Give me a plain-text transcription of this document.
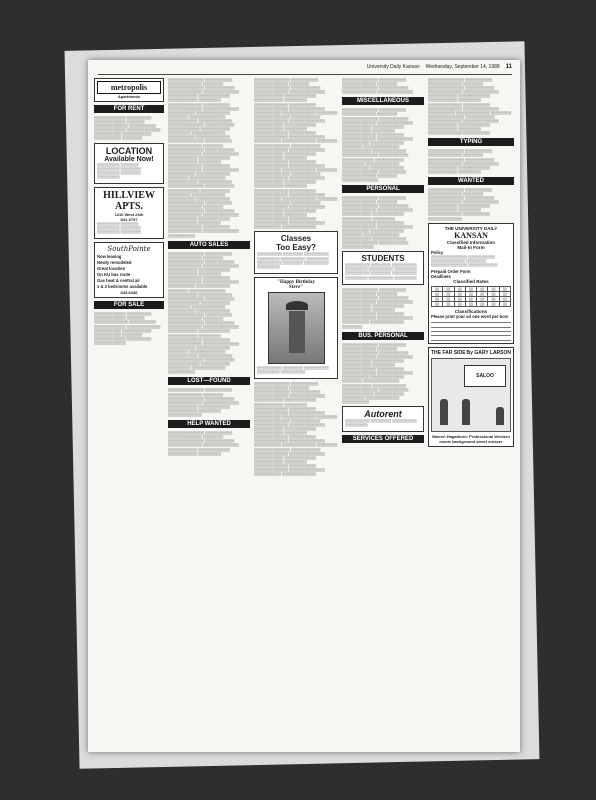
University Daily Kansan Wednesday, September 14, 1988 11
metropolis
Apartments
FOR RENT
▒▒▒▒▒▒▒▒▒▒▒▒▒▒ ▒▒▒▒▒▒▒▒▒▒▒ ▒▒▒▒▒▒▒▒▒▒▒▒▒▒ ▒▒▒▒▒▒▒▒ ▒▒▒▒▒▒▒▒▒▒▒▒▒▒▒ ▒▒▒▒▒▒▒▒▒▒▒▒ ▒▒▒▒▒▒▒▒▒▒▒▒▒▒ ▒▒▒▒▒▒▒▒▒▒▒▒▒▒▒ ▒▒▒▒▒▒▒▒▒▒▒▒ ▒▒▒▒▒▒▒▒▒▒▒▒▒ ▒▒▒▒▒▒▒▒▒▒▒▒ ▒▒▒▒▒▒▒▒▒
LOCATION
Available Now!
▒▒▒▒▒▒▒▒▒▒ ▒▒▒▒▒▒▒▒ ▒▒▒▒▒▒▒▒▒▒ ▒▒▒▒▒▒▒▒▒ ▒▒▒▒▒▒▒▒▒▒ ▒▒▒▒▒▒▒▒▒ ▒▒▒▒▒▒▒▒▒▒
HILLVIEW
APTS.
1310 West 24th
841-3797
▒▒▒▒▒▒▒▒▒▒ ▒▒▒▒▒▒▒▒ ▒▒▒▒▒▒▒▒▒▒ ▒▒▒▒▒▒▒▒▒ ▒▒▒▒▒▒▒▒▒▒ ▒▒▒▒▒▒▒▒▒
SouthPointe
Now leasing
Newly remodeled
Great location
On KU bus route
Gas heat & central air
1 & 2 bedrooms available
843-6446
FOR SALE
▒▒▒▒▒▒▒▒▒▒▒▒▒▒ ▒▒▒▒▒▒▒▒▒▒▒ ▒▒▒▒▒▒▒▒▒▒▒▒▒▒ ▒▒▒▒▒▒▒▒ ▒▒▒▒▒▒▒▒▒▒▒▒▒▒▒ ▒▒▒▒▒▒▒▒▒▒▒▒ ▒▒▒▒▒▒▒▒▒▒▒▒▒▒ ▒▒▒▒▒▒▒▒▒▒▒▒▒▒▒ ▒▒▒▒▒▒▒▒▒▒▒▒ ▒▒▒▒▒▒▒▒▒▒▒▒▒ ▒▒▒▒▒▒▒▒▒▒▒▒ ▒▒▒▒▒▒▒▒▒ ▒▒▒▒▒▒▒▒▒▒▒▒▒▒ ▒▒▒▒▒▒▒▒▒▒▒ ▒▒▒▒▒▒▒▒▒▒▒▒▒▒
▒▒▒▒▒▒▒▒▒▒▒▒▒▒▒▒ ▒▒▒▒▒▒▒▒▒▒▒▒ ▒▒▒▒▒▒▒▒▒▒▒▒▒▒▒ ▒▒▒▒▒▒▒▒▒ ▒▒▒▒▒▒▒▒▒▒▒▒▒▒▒▒ ▒▒▒▒▒▒▒▒▒▒▒▒▒ ▒▒▒▒▒▒▒▒▒▒▒▒▒▒▒ ▒▒▒▒▒▒▒▒▒▒▒▒▒▒▒▒ ▒▒▒▒▒▒▒▒▒▒▒▒▒ ▒▒▒▒▒▒▒▒▒▒▒▒▒▒ ▒▒▒▒▒▒▒▒▒▒▒▒▒ ▒▒▒▒▒▒▒▒▒▒ ▒▒▒▒▒▒▒▒▒▒▒▒▒▒▒ ▒▒▒▒▒▒▒▒▒▒▒▒ ▒▒▒▒▒▒▒▒▒▒▒▒▒▒▒ ▒▒▒▒▒▒▒▒▒▒▒▒▒▒▒▒ ▒▒▒▒▒▒▒▒▒▒▒▒ ▒▒▒▒▒▒▒▒▒▒▒▒▒▒▒ ▒▒▒▒▒▒▒▒▒ ▒▒▒▒▒▒▒▒▒▒▒▒▒▒▒▒ ▒▒▒▒▒▒▒▒▒▒▒▒▒ ▒▒▒▒▒▒▒▒▒▒▒▒▒▒▒ ▒▒▒▒▒▒▒▒▒▒▒▒▒▒▒▒ ▒▒▒▒▒▒▒▒▒▒▒▒▒ ▒▒▒▒▒▒▒▒▒▒▒▒▒▒ ▒▒▒▒▒▒▒▒▒▒▒▒▒ ▒▒▒▒▒▒▒▒▒▒ ▒▒▒▒▒▒▒▒▒▒▒▒▒▒▒ ▒▒▒▒▒▒▒▒▒▒▒▒ ▒▒▒▒▒▒▒▒▒▒▒▒▒▒▒ ▒▒▒▒▒▒▒▒▒▒▒▒▒▒▒▒ ▒▒▒▒▒▒▒▒▒▒▒▒ ▒▒▒▒▒▒▒▒▒▒▒▒▒▒▒ ▒▒▒▒▒▒▒▒▒ ▒▒▒▒▒▒▒▒▒▒▒▒▒▒▒▒ ▒▒▒▒▒▒▒▒▒▒▒▒▒ ▒▒▒▒▒▒▒▒▒▒▒▒▒▒▒ ▒▒▒▒▒▒▒▒▒▒▒▒▒▒▒▒ ▒▒▒▒▒▒▒▒▒▒▒▒▒ ▒▒▒▒▒▒▒▒▒▒▒▒▒▒ ▒▒▒▒▒▒▒▒▒▒▒▒▒ ▒▒▒▒▒▒▒▒▒▒ ▒▒▒▒▒▒▒▒▒▒▒▒▒▒▒ ▒▒▒▒▒▒▒▒▒▒▒▒ ▒▒▒▒▒▒▒▒▒▒▒▒▒▒▒ ▒▒▒▒▒▒▒▒▒▒▒▒▒▒▒▒ ▒▒▒▒▒▒▒▒▒▒▒▒ ▒▒▒▒▒▒▒▒▒▒▒▒▒▒▒ ▒▒▒▒▒▒▒▒▒ ▒▒▒▒▒▒▒▒▒▒▒▒▒▒▒▒ ▒▒▒▒▒▒▒▒▒▒▒▒▒ ▒▒▒▒▒▒▒▒▒▒▒▒▒▒▒ ▒▒▒▒▒▒▒▒▒▒▒▒▒▒▒▒ ▒▒▒▒▒▒▒▒▒▒▒▒▒ ▒▒▒▒▒▒▒▒▒▒▒▒▒▒ ▒▒▒▒▒▒▒▒▒▒▒▒▒ ▒▒▒▒▒▒▒▒▒▒ ▒▒▒▒▒▒▒▒▒▒▒▒▒▒▒ ▒▒▒▒▒▒▒▒▒▒▒▒ ▒▒▒▒▒▒▒▒▒▒▒▒▒▒▒ ▒▒▒▒▒▒▒▒▒▒▒▒▒▒▒▒ ▒▒▒▒▒▒▒▒▒▒▒▒ ▒▒▒▒▒▒▒▒▒▒▒▒▒▒▒ ▒▒▒▒▒▒▒▒▒ ▒▒▒▒▒▒▒▒▒▒▒▒▒▒▒▒ ▒▒▒▒▒▒▒▒▒▒▒▒▒ ▒▒▒▒▒▒▒▒▒▒▒▒▒▒▒ ▒▒▒▒▒▒▒▒▒▒▒▒▒▒▒▒ ▒▒▒▒▒▒▒▒▒▒▒▒▒ ▒▒▒▒▒▒▒▒▒▒▒▒▒▒ ▒▒▒▒▒▒▒▒▒▒▒▒▒ ▒▒▒▒▒▒▒▒▒▒ ▒▒▒▒▒▒▒▒▒▒▒▒▒▒▒ ▒▒▒▒▒▒▒▒▒▒▒▒ ▒▒▒▒▒▒▒▒▒▒▒▒▒▒▒ ▒▒▒▒▒▒▒▒▒▒▒▒▒▒▒▒ ▒▒▒▒▒▒▒▒▒▒▒▒
AUTO SALES
▒▒▒▒▒▒▒▒▒▒▒▒▒▒▒▒ ▒▒▒▒▒▒▒▒▒▒▒▒ ▒▒▒▒▒▒▒▒▒▒▒▒▒▒▒ ▒▒▒▒▒▒▒▒▒ ▒▒▒▒▒▒▒▒▒▒▒▒▒▒▒▒ ▒▒▒▒▒▒▒▒▒▒▒▒▒ ▒▒▒▒▒▒▒▒▒▒▒▒▒▒▒ ▒▒▒▒▒▒▒▒▒▒▒▒▒▒▒▒ ▒▒▒▒▒▒▒▒▒▒▒▒▒ ▒▒▒▒▒▒▒▒▒▒▒▒▒▒ ▒▒▒▒▒▒▒▒▒▒▒▒▒ ▒▒▒▒▒▒▒▒▒▒ ▒▒▒▒▒▒▒▒▒▒▒▒▒▒▒ ▒▒▒▒▒▒▒▒▒▒▒▒ ▒▒▒▒▒▒▒▒▒▒▒▒▒▒▒ ▒▒▒▒▒▒▒▒▒▒▒▒▒▒▒▒ ▒▒▒▒▒▒▒▒▒▒▒▒ ▒▒▒▒▒▒▒▒▒▒▒▒▒▒▒ ▒▒▒▒▒▒▒▒▒ ▒▒▒▒▒▒▒▒▒▒▒▒▒▒▒▒ ▒▒▒▒▒▒▒▒▒▒▒▒▒ ▒▒▒▒▒▒▒▒▒▒▒▒▒▒▒ ▒▒▒▒▒▒▒▒▒▒▒▒▒▒▒▒ ▒▒▒▒▒▒▒▒▒▒▒▒▒ ▒▒▒▒▒▒▒▒▒▒▒▒▒▒ ▒▒▒▒▒▒▒▒▒▒▒▒▒ ▒▒▒▒▒▒▒▒▒▒ ▒▒▒▒▒▒▒▒▒▒▒▒▒▒▒ ▒▒▒▒▒▒▒▒▒▒▒▒ ▒▒▒▒▒▒▒▒▒▒▒▒▒▒▒ ▒▒▒▒▒▒▒▒▒▒▒▒▒▒▒▒ ▒▒▒▒▒▒▒▒▒▒▒▒ ▒▒▒▒▒▒▒▒▒▒▒▒▒▒▒ ▒▒▒▒▒▒▒▒▒ ▒▒▒▒▒▒▒▒▒▒▒▒▒▒▒▒ ▒▒▒▒▒▒▒▒▒▒▒▒▒ ▒▒▒▒▒▒▒▒▒▒▒▒▒▒▒ ▒▒▒▒▒▒▒▒▒▒▒▒▒▒▒▒ ▒▒▒▒▒▒▒▒▒▒▒▒▒ ▒▒▒▒▒▒▒▒▒▒▒▒▒▒ ▒▒▒▒▒▒▒▒▒▒▒▒▒ ▒▒▒▒▒▒▒▒▒▒ ▒▒▒▒▒▒▒▒▒▒▒▒▒▒▒ ▒▒▒▒▒▒▒▒▒▒▒▒ ▒▒▒▒▒▒▒▒▒▒▒▒▒▒▒ ▒▒▒▒▒▒▒▒▒▒▒▒▒▒▒▒ ▒▒▒▒▒▒▒▒▒▒▒▒ ▒▒▒▒▒▒▒▒▒▒▒▒▒▒▒ ▒▒▒▒▒▒▒▒▒ ▒▒▒▒▒▒▒▒▒▒▒▒▒▒▒▒ ▒▒▒▒▒▒▒▒▒▒▒▒▒ ▒▒▒▒▒▒▒▒▒▒▒▒▒▒▒ ▒▒▒▒▒▒▒▒▒▒▒▒▒▒▒▒ ▒▒▒▒▒▒▒▒▒▒▒▒▒ ▒▒▒▒▒▒▒▒▒▒▒▒▒▒ ▒▒▒▒▒▒▒▒▒▒▒▒▒ ▒▒▒▒▒▒▒▒▒▒ ▒▒▒▒▒▒▒▒▒▒▒▒▒▒▒ ▒▒▒▒▒▒▒▒▒▒▒▒
LOST—FOUND
▒▒▒▒▒▒▒▒▒▒▒▒▒▒▒▒ ▒▒▒▒▒▒▒▒▒▒▒▒ ▒▒▒▒▒▒▒▒▒▒▒▒▒▒▒ ▒▒▒▒▒▒▒▒▒ ▒▒▒▒▒▒▒▒▒▒▒▒▒▒▒▒ ▒▒▒▒▒▒▒▒▒▒▒▒▒ ▒▒▒▒▒▒▒▒▒▒▒▒▒▒▒ ▒▒▒▒▒▒▒▒▒▒▒▒▒▒▒▒ ▒▒▒▒▒▒▒▒▒▒▒▒▒ ▒▒▒▒▒▒▒▒▒▒▒▒▒▒ ▒▒▒▒▒▒▒▒▒▒▒▒▒ ▒▒▒▒▒▒▒▒▒▒ ▒▒▒▒▒▒▒▒▒▒▒▒▒▒▒
HELP WANTED
▒▒▒▒▒▒▒▒▒▒▒▒▒▒▒▒ ▒▒▒▒▒▒▒▒▒▒▒▒ ▒▒▒▒▒▒▒▒▒▒▒▒▒▒▒ ▒▒▒▒▒▒▒▒▒ ▒▒▒▒▒▒▒▒▒▒▒▒▒▒▒▒ ▒▒▒▒▒▒▒▒▒▒▒▒▒ ▒▒▒▒▒▒▒▒▒▒▒▒▒▒▒ ▒▒▒▒▒▒▒▒▒▒▒▒▒▒▒▒ ▒▒▒▒▒▒▒▒▒▒▒▒▒ ▒▒▒▒▒▒▒▒▒▒▒▒▒▒ ▒▒▒▒▒▒▒▒▒▒▒▒▒ ▒▒▒▒▒▒▒▒▒▒
▒▒▒▒▒▒▒▒▒▒▒▒▒▒▒▒ ▒▒▒▒▒▒▒▒▒▒▒▒ ▒▒▒▒▒▒▒▒▒▒▒▒▒▒▒ ▒▒▒▒▒▒▒▒▒ ▒▒▒▒▒▒▒▒▒▒▒▒▒▒▒▒ ▒▒▒▒▒▒▒▒▒▒▒▒▒ ▒▒▒▒▒▒▒▒▒▒▒▒▒▒▒ ▒▒▒▒▒▒▒▒▒▒▒▒▒▒▒▒ ▒▒▒▒▒▒▒▒▒▒▒▒▒ ▒▒▒▒▒▒▒▒▒▒▒▒▒▒ ▒▒▒▒▒▒▒▒▒▒▒▒▒ ▒▒▒▒▒▒▒▒▒▒ ▒▒▒▒▒▒▒▒▒▒▒▒▒▒▒ ▒▒▒▒▒▒▒▒▒▒▒▒ ▒▒▒▒▒▒▒▒▒▒▒▒▒▒▒ ▒▒▒▒▒▒▒▒▒▒▒▒▒▒▒▒ ▒▒▒▒▒▒▒▒▒▒▒▒ ▒▒▒▒▒▒▒▒▒▒▒▒▒▒▒ ▒▒▒▒▒▒▒▒▒ ▒▒▒▒▒▒▒▒▒▒▒▒▒▒▒▒ ▒▒▒▒▒▒▒▒▒▒▒▒▒ ▒▒▒▒▒▒▒▒▒▒▒▒▒▒▒ ▒▒▒▒▒▒▒▒▒▒▒▒▒▒▒▒ ▒▒▒▒▒▒▒▒▒▒▒▒▒ ▒▒▒▒▒▒▒▒▒▒▒▒▒▒ ▒▒▒▒▒▒▒▒▒▒▒▒▒ ▒▒▒▒▒▒▒▒▒▒ ▒▒▒▒▒▒▒▒▒▒▒▒▒▒▒ ▒▒▒▒▒▒▒▒▒▒▒▒ ▒▒▒▒▒▒▒▒▒▒▒▒▒▒▒ ▒▒▒▒▒▒▒▒▒▒▒▒▒▒▒▒ ▒▒▒▒▒▒▒▒▒▒▒▒ ▒▒▒▒▒▒▒▒▒▒▒▒▒▒▒ ▒▒▒▒▒▒▒▒▒ ▒▒▒▒▒▒▒▒▒▒▒▒▒▒▒▒ ▒▒▒▒▒▒▒▒▒▒▒▒▒ ▒▒▒▒▒▒▒▒▒▒▒▒▒▒▒ ▒▒▒▒▒▒▒▒▒▒▒▒▒▒▒▒ ▒▒▒▒▒▒▒▒▒▒▒▒▒ ▒▒▒▒▒▒▒▒▒▒▒▒▒▒ ▒▒▒▒▒▒▒▒▒▒▒▒▒ ▒▒▒▒▒▒▒▒▒▒ ▒▒▒▒▒▒▒▒▒▒▒▒▒▒▒ ▒▒▒▒▒▒▒▒▒▒▒▒ ▒▒▒▒▒▒▒▒▒▒▒▒▒▒▒ ▒▒▒▒▒▒▒▒▒▒▒▒▒▒▒▒ ▒▒▒▒▒▒▒▒▒▒▒▒ ▒▒▒▒▒▒▒▒▒▒▒▒▒▒▒ ▒▒▒▒▒▒▒▒▒ ▒▒▒▒▒▒▒▒▒▒▒▒▒▒▒▒ ▒▒▒▒▒▒▒▒▒▒▒▒▒ ▒▒▒▒▒▒▒▒▒▒▒▒▒▒▒ ▒▒▒▒▒▒▒▒▒▒▒▒▒▒▒▒ ▒▒▒▒▒▒▒▒▒▒▒▒▒ ▒▒▒▒▒▒▒▒▒▒▒▒▒▒ ▒▒▒▒▒▒▒▒▒▒▒▒▒ ▒▒▒▒▒▒▒▒▒▒ ▒▒▒▒▒▒▒▒▒▒▒▒▒▒▒ ▒▒▒▒▒▒▒▒▒▒▒▒ ▒▒▒▒▒▒▒▒▒▒▒▒▒▒▒ ▒▒▒▒▒▒▒▒▒▒▒▒▒▒▒▒ ▒▒▒▒▒▒▒▒▒▒▒▒ ▒▒▒▒▒▒▒▒▒▒▒▒▒▒▒ ▒▒▒▒▒▒▒▒▒ ▒▒▒▒▒▒▒▒▒▒▒▒▒▒▒▒ ▒▒▒▒▒▒▒▒▒▒▒▒▒ ▒▒▒▒▒▒▒▒▒▒▒▒▒▒▒ ▒▒▒▒▒▒▒▒▒▒▒▒▒▒▒▒ ▒▒▒▒▒▒▒▒▒▒▒▒▒ ▒▒▒▒▒▒▒▒▒▒▒▒▒▒ ▒▒▒▒▒▒▒▒▒▒▒▒▒ ▒▒▒▒▒▒▒▒▒▒ ▒▒▒▒▒▒▒▒▒▒▒▒▒▒▒ ▒▒▒▒▒▒▒▒▒▒▒▒ ▒▒▒▒▒▒▒▒▒▒▒▒▒▒▒ ▒▒▒▒▒▒▒▒▒▒▒▒▒▒▒▒ ▒▒▒▒▒▒▒▒▒▒▒▒ ▒▒▒▒▒▒▒▒▒▒▒▒▒▒▒
Classes
Too Easy?
▒▒▒▒▒▒▒▒▒▒▒ ▒▒▒▒▒▒▒▒▒ ▒▒▒▒▒▒▒▒▒▒▒ ▒▒▒▒▒▒▒▒▒▒ ▒▒▒▒▒▒▒▒▒▒▒ ▒▒▒▒▒▒▒▒▒▒ ▒▒▒▒▒▒▒▒▒▒▒ ▒▒▒▒▒▒▒▒▒ ▒▒▒▒▒▒▒▒▒▒▒ ▒▒▒▒▒▒▒▒▒▒
"Happy Birthday
Steve"
▒▒▒▒▒▒▒▒▒▒▒ ▒▒▒▒▒▒▒▒▒ ▒▒▒▒▒▒▒▒▒▒▒ ▒▒▒▒▒▒▒▒▒▒ ▒▒▒▒▒▒▒▒▒▒▒
▒▒▒▒▒▒▒▒▒▒▒▒▒▒▒▒ ▒▒▒▒▒▒▒▒▒▒▒▒ ▒▒▒▒▒▒▒▒▒▒▒▒▒▒▒ ▒▒▒▒▒▒▒▒▒ ▒▒▒▒▒▒▒▒▒▒▒▒▒▒▒▒ ▒▒▒▒▒▒▒▒▒▒▒▒▒ ▒▒▒▒▒▒▒▒▒▒▒▒▒▒▒ ▒▒▒▒▒▒▒▒▒▒▒▒▒▒▒▒ ▒▒▒▒▒▒▒▒▒▒▒▒▒ ▒▒▒▒▒▒▒▒▒▒▒▒▒▒ ▒▒▒▒▒▒▒▒▒▒▒▒▒ ▒▒▒▒▒▒▒▒▒▒ ▒▒▒▒▒▒▒▒▒▒▒▒▒▒▒ ▒▒▒▒▒▒▒▒▒▒▒▒ ▒▒▒▒▒▒▒▒▒▒▒▒▒▒▒ ▒▒▒▒▒▒▒▒▒▒▒▒▒▒▒▒ ▒▒▒▒▒▒▒▒▒▒▒▒ ▒▒▒▒▒▒▒▒▒▒▒▒▒▒▒ ▒▒▒▒▒▒▒▒▒ ▒▒▒▒▒▒▒▒▒▒▒▒▒▒▒▒ ▒▒▒▒▒▒▒▒▒▒▒▒▒ ▒▒▒▒▒▒▒▒▒▒▒▒▒▒▒ ▒▒▒▒▒▒▒▒▒▒▒▒▒▒▒▒ ▒▒▒▒▒▒▒▒▒▒▒▒▒ ▒▒▒▒▒▒▒▒▒▒▒▒▒▒ ▒▒▒▒▒▒▒▒▒▒▒▒▒ ▒▒▒▒▒▒▒▒▒▒ ▒▒▒▒▒▒▒▒▒▒▒▒▒▒▒ ▒▒▒▒▒▒▒▒▒▒▒▒ ▒▒▒▒▒▒▒▒▒▒▒▒▒▒▒ ▒▒▒▒▒▒▒▒▒▒▒▒▒▒▒▒ ▒▒▒▒▒▒▒▒▒▒▒▒ ▒▒▒▒▒▒▒▒▒▒▒▒▒▒▒ ▒▒▒▒▒▒▒▒▒ ▒▒▒▒▒▒▒▒▒▒▒▒▒▒▒▒ ▒▒▒▒▒▒▒▒▒▒▒▒▒ ▒▒▒▒▒▒▒▒▒▒▒▒▒▒▒ ▒▒▒▒▒▒▒▒▒▒▒▒▒▒▒▒ ▒▒▒▒▒▒▒▒▒▒▒▒▒ ▒▒▒▒▒▒▒▒▒▒▒▒▒▒ ▒▒▒▒▒▒▒▒▒▒▒▒▒ ▒▒▒▒▒▒▒▒▒▒ ▒▒▒▒▒▒▒▒▒▒▒▒▒▒▒ ▒▒▒▒▒▒▒▒▒▒▒▒ ▒▒▒▒▒▒▒▒▒▒▒▒▒▒▒ ▒▒▒▒▒▒▒▒▒▒▒▒▒▒▒▒ ▒▒▒▒▒▒▒▒▒▒▒▒ ▒▒▒▒▒▒▒▒▒▒▒▒▒▒▒
▒▒▒▒▒▒▒▒▒▒▒▒▒▒▒▒ ▒▒▒▒▒▒▒▒▒▒▒▒ ▒▒▒▒▒▒▒▒▒▒▒▒▒▒▒ ▒▒▒▒▒▒▒▒▒ ▒▒▒▒▒▒▒▒▒▒▒▒▒▒▒▒ ▒▒▒▒▒▒▒▒▒▒▒▒▒ ▒▒▒▒▒▒▒▒▒▒▒▒▒▒▒ ▒▒▒▒▒▒▒▒▒▒▒▒▒▒▒▒
MISCELLANEOUS
▒▒▒▒▒▒▒▒▒▒▒▒▒▒▒▒ ▒▒▒▒▒▒▒▒▒▒▒▒ ▒▒▒▒▒▒▒▒▒▒▒▒▒▒▒ ▒▒▒▒▒▒▒▒▒ ▒▒▒▒▒▒▒▒▒▒▒▒▒▒▒▒ ▒▒▒▒▒▒▒▒▒▒▒▒▒ ▒▒▒▒▒▒▒▒▒▒▒▒▒▒▒ ▒▒▒▒▒▒▒▒▒▒▒▒▒▒▒▒ ▒▒▒▒▒▒▒▒▒▒▒▒▒ ▒▒▒▒▒▒▒▒▒▒▒▒▒▒ ▒▒▒▒▒▒▒▒▒▒▒▒▒ ▒▒▒▒▒▒▒▒▒▒ ▒▒▒▒▒▒▒▒▒▒▒▒▒▒▒ ▒▒▒▒▒▒▒▒▒▒▒▒ ▒▒▒▒▒▒▒▒▒▒▒▒▒▒▒ ▒▒▒▒▒▒▒▒▒▒▒▒▒▒▒▒ ▒▒▒▒▒▒▒▒▒▒▒▒ ▒▒▒▒▒▒▒▒▒▒▒▒▒▒▒ ▒▒▒▒▒▒▒▒▒ ▒▒▒▒▒▒▒▒▒▒▒▒▒▒▒▒ ▒▒▒▒▒▒▒▒▒▒▒▒▒ ▒▒▒▒▒▒▒▒▒▒▒▒▒▒▒ ▒▒▒▒▒▒▒▒▒▒▒▒▒▒▒▒ ▒▒▒▒▒▒▒▒▒▒▒▒▒ ▒▒▒▒▒▒▒▒▒▒▒▒▒▒ ▒▒▒▒▒▒▒▒▒▒▒▒▒ ▒▒▒▒▒▒▒▒▒▒ ▒▒▒▒▒▒▒▒▒▒▒▒▒▒▒ ▒▒▒▒▒▒▒▒▒▒▒▒ ▒▒▒▒▒▒▒▒▒▒▒▒▒▒▒ ▒▒▒▒▒▒▒▒▒▒▒▒▒▒▒▒ ▒▒▒▒▒▒▒▒▒▒▒▒ ▒▒▒▒▒▒▒▒▒▒▒▒▒▒▒ ▒▒▒▒▒▒▒▒▒ ▒▒▒▒▒▒▒▒▒▒▒▒▒▒▒▒
PERSONAL
▒▒▒▒▒▒▒▒▒▒▒▒▒▒▒▒ ▒▒▒▒▒▒▒▒▒▒▒▒ ▒▒▒▒▒▒▒▒▒▒▒▒▒▒▒ ▒▒▒▒▒▒▒▒▒ ▒▒▒▒▒▒▒▒▒▒▒▒▒▒▒▒ ▒▒▒▒▒▒▒▒▒▒▒▒▒ ▒▒▒▒▒▒▒▒▒▒▒▒▒▒▒ ▒▒▒▒▒▒▒▒▒▒▒▒▒▒▒▒ ▒▒▒▒▒▒▒▒▒▒▒▒▒ ▒▒▒▒▒▒▒▒▒▒▒▒▒▒ ▒▒▒▒▒▒▒▒▒▒▒▒▒ ▒▒▒▒▒▒▒▒▒▒ ▒▒▒▒▒▒▒▒▒▒▒▒▒▒▒ ▒▒▒▒▒▒▒▒▒▒▒▒ ▒▒▒▒▒▒▒▒▒▒▒▒▒▒▒ ▒▒▒▒▒▒▒▒▒▒▒▒▒▒▒▒ ▒▒▒▒▒▒▒▒▒▒▒▒ ▒▒▒▒▒▒▒▒▒▒▒▒▒▒▒ ▒▒▒▒▒▒▒▒▒ ▒▒▒▒▒▒▒▒▒▒▒▒▒▒▒▒ ▒▒▒▒▒▒▒▒▒▒▒▒▒ ▒▒▒▒▒▒▒▒▒▒▒▒▒▒▒ ▒▒▒▒▒▒▒▒▒▒▒▒▒▒▒▒ ▒▒▒▒▒▒▒▒▒▒▒▒▒ ▒▒▒▒▒▒▒▒▒▒▒▒▒▒
STUDENTS
▒▒▒▒▒▒▒▒▒▒▒ ▒▒▒▒▒▒▒▒▒ ▒▒▒▒▒▒▒▒▒▒▒ ▒▒▒▒▒▒▒▒▒▒ ▒▒▒▒▒▒▒▒▒▒▒ ▒▒▒▒▒▒▒▒▒▒ ▒▒▒▒▒▒▒▒▒▒▒ ▒▒▒▒▒▒▒▒▒ ▒▒▒▒▒▒▒▒▒▒▒ ▒▒▒▒▒▒▒▒▒▒ ▒▒▒▒▒▒▒▒▒▒▒ ▒▒▒▒▒▒▒▒▒▒
▒▒▒▒▒▒▒▒▒▒▒▒▒▒▒▒ ▒▒▒▒▒▒▒▒▒▒▒▒ ▒▒▒▒▒▒▒▒▒▒▒▒▒▒▒ ▒▒▒▒▒▒▒▒▒ ▒▒▒▒▒▒▒▒▒▒▒▒▒▒▒▒ ▒▒▒▒▒▒▒▒▒▒▒▒▒ ▒▒▒▒▒▒▒▒▒▒▒▒▒▒▒ ▒▒▒▒▒▒▒▒▒▒▒▒▒▒▒▒ ▒▒▒▒▒▒▒▒▒▒▒▒▒ ▒▒▒▒▒▒▒▒▒▒▒▒▒▒ ▒▒▒▒▒▒▒▒▒▒▒▒▒ ▒▒▒▒▒▒▒▒▒▒ ▒▒▒▒▒▒▒▒▒▒▒▒▒▒▒ ▒▒▒▒▒▒▒▒▒▒▒▒ ▒▒▒▒▒▒▒▒▒▒▒▒▒▒▒ ▒▒▒▒▒▒▒▒▒▒▒▒▒▒▒▒ ▒▒▒▒▒▒▒▒▒▒▒▒ ▒▒▒▒▒▒▒▒▒▒▒▒▒▒▒ ▒▒▒▒▒▒▒▒▒
BUS. PERSONAL
▒▒▒▒▒▒▒▒▒▒▒▒▒▒▒▒ ▒▒▒▒▒▒▒▒▒▒▒▒ ▒▒▒▒▒▒▒▒▒▒▒▒▒▒▒ ▒▒▒▒▒▒▒▒▒ ▒▒▒▒▒▒▒▒▒▒▒▒▒▒▒▒ ▒▒▒▒▒▒▒▒▒▒▒▒▒ ▒▒▒▒▒▒▒▒▒▒▒▒▒▒▒ ▒▒▒▒▒▒▒▒▒▒▒▒▒▒▒▒ ▒▒▒▒▒▒▒▒▒▒▒▒▒ ▒▒▒▒▒▒▒▒▒▒▒▒▒▒ ▒▒▒▒▒▒▒▒▒▒▒▒▒ ▒▒▒▒▒▒▒▒▒▒ ▒▒▒▒▒▒▒▒▒▒▒▒▒▒▒ ▒▒▒▒▒▒▒▒▒▒▒▒ ▒▒▒▒▒▒▒▒▒▒▒▒▒▒▒ ▒▒▒▒▒▒▒▒▒▒▒▒▒▒▒▒ ▒▒▒▒▒▒▒▒▒▒▒▒ ▒▒▒▒▒▒▒▒▒▒▒▒▒▒▒ ▒▒▒▒▒▒▒▒▒ ▒▒▒▒▒▒▒▒▒▒▒▒▒▒▒▒ ▒▒▒▒▒▒▒▒▒▒▒▒▒ ▒▒▒▒▒▒▒▒▒▒▒▒▒▒▒ ▒▒▒▒▒▒▒▒▒▒▒▒▒▒▒▒ ▒▒▒▒▒▒▒▒▒▒▒▒▒ ▒▒▒▒▒▒▒▒▒▒▒▒▒▒ ▒▒▒▒▒▒▒▒▒▒▒▒▒ ▒▒▒▒▒▒▒▒▒▒ ▒▒▒▒▒▒▒▒▒▒▒▒▒▒▒ ▒▒▒▒▒▒▒▒▒▒▒▒
Autorent
▒▒▒▒▒▒▒▒▒▒▒ ▒▒▒▒▒▒▒▒▒ ▒▒▒▒▒▒▒▒▒▒▒ ▒▒▒▒▒▒▒▒▒▒
SERVICES OFFERED
▒▒▒▒▒▒▒▒▒▒▒▒▒▒▒▒ ▒▒▒▒▒▒▒▒▒▒▒▒ ▒▒▒▒▒▒▒▒▒▒▒▒▒▒▒ ▒▒▒▒▒▒▒▒▒ ▒▒▒▒▒▒▒▒▒▒▒▒▒▒▒▒ ▒▒▒▒▒▒▒▒▒▒▒▒▒ ▒▒▒▒▒▒▒▒▒▒▒▒▒▒▒ ▒▒▒▒▒▒▒▒▒▒▒▒▒▒▒▒ ▒▒▒▒▒▒▒▒▒▒▒▒▒ ▒▒▒▒▒▒▒▒▒▒▒▒▒▒ ▒▒▒▒▒▒▒▒▒▒▒▒▒ ▒▒▒▒▒▒▒▒▒▒ ▒▒▒▒▒▒▒▒▒▒▒▒▒▒▒ ▒▒▒▒▒▒▒▒▒▒▒▒ ▒▒▒▒▒▒▒▒▒▒▒▒▒▒▒ ▒▒▒▒▒▒▒▒▒▒▒▒▒▒▒▒ ▒▒▒▒▒▒▒▒▒▒▒▒ ▒▒▒▒▒▒▒▒▒▒▒▒▒▒▒ ▒▒▒▒▒▒▒▒▒ ▒▒▒▒▒▒▒▒▒▒▒▒▒▒▒▒ ▒▒▒▒▒▒▒▒▒▒▒▒▒ ▒▒▒▒▒▒▒▒▒▒▒▒▒▒▒ ▒▒▒▒▒▒▒▒▒▒▒▒▒▒▒▒ ▒▒▒▒▒▒▒▒▒▒▒▒▒ ▒▒▒▒▒▒▒▒▒▒▒▒▒▒ ▒▒▒▒▒▒▒▒▒▒▒▒▒ ▒▒▒▒▒▒▒▒▒▒ ▒▒▒▒▒▒▒▒▒▒▒▒▒▒▒ ▒▒▒▒▒▒▒▒▒▒▒▒
TYPING
▒▒▒▒▒▒▒▒▒▒▒▒▒▒▒▒ ▒▒▒▒▒▒▒▒▒▒▒▒ ▒▒▒▒▒▒▒▒▒▒▒▒▒▒▒ ▒▒▒▒▒▒▒▒▒ ▒▒▒▒▒▒▒▒▒▒▒▒▒▒▒▒ ▒▒▒▒▒▒▒▒▒▒▒▒▒ ▒▒▒▒▒▒▒▒▒▒▒▒▒▒▒ ▒▒▒▒▒▒▒▒▒▒▒▒▒▒▒▒ ▒▒▒▒▒▒▒▒▒▒▒▒▒ ▒▒▒▒▒▒▒▒▒▒▒▒▒▒ ▒▒▒▒▒▒▒▒▒▒▒▒▒ ▒▒▒▒▒▒▒▒▒▒
WANTED
▒▒▒▒▒▒▒▒▒▒▒▒▒▒▒▒ ▒▒▒▒▒▒▒▒▒▒▒▒ ▒▒▒▒▒▒▒▒▒▒▒▒▒▒▒ ▒▒▒▒▒▒▒▒▒ ▒▒▒▒▒▒▒▒▒▒▒▒▒▒▒▒ ▒▒▒▒▒▒▒▒▒▒▒▒▒ ▒▒▒▒▒▒▒▒▒▒▒▒▒▒▒ ▒▒▒▒▒▒▒▒▒▒▒▒▒▒▒▒ ▒▒▒▒▒▒▒▒▒▒▒▒▒ ▒▒▒▒▒▒▒▒▒▒▒▒▒▒ ▒▒▒▒▒▒▒▒▒▒▒▒▒ ▒▒▒▒▒▒▒▒▒▒ ▒▒▒▒▒▒▒▒▒▒▒▒▒▒▒ ▒▒▒▒▒▒▒▒▒▒▒▒ ▒▒▒▒▒▒▒▒▒▒▒▒▒▒▒
THE UNIVERSITY DAILY
KANSAN
Classified Information
Mail-In Form
Policy
▒▒▒▒▒▒▒▒▒▒▒▒▒▒▒▒ ▒▒▒▒▒▒▒▒▒▒▒▒ ▒▒▒▒▒▒▒▒▒▒▒▒▒▒▒ ▒▒▒▒▒▒▒▒▒ ▒▒▒▒▒▒▒▒▒▒▒▒▒▒▒▒ ▒▒▒▒▒▒▒▒▒▒▒▒▒
Prepaid Order Form
Deadlines
Classified Rates
▒▒	▒▒	▒▒	▒▒	▒▒	▒▒	▒▒
▒▒	▒▒	▒▒	▒▒	▒▒	▒▒	▒▒
▒▒	▒▒	▒▒	▒▒	▒▒	▒▒	▒▒
▒▒	▒▒	▒▒	▒▒	▒▒	▒▒	▒▒
Classifications
Please print your ad one word per box!
THE FAR SIDE By GARY LARSON
SALOO
Warren Hagathorn: Professional Western movie background street crosser
